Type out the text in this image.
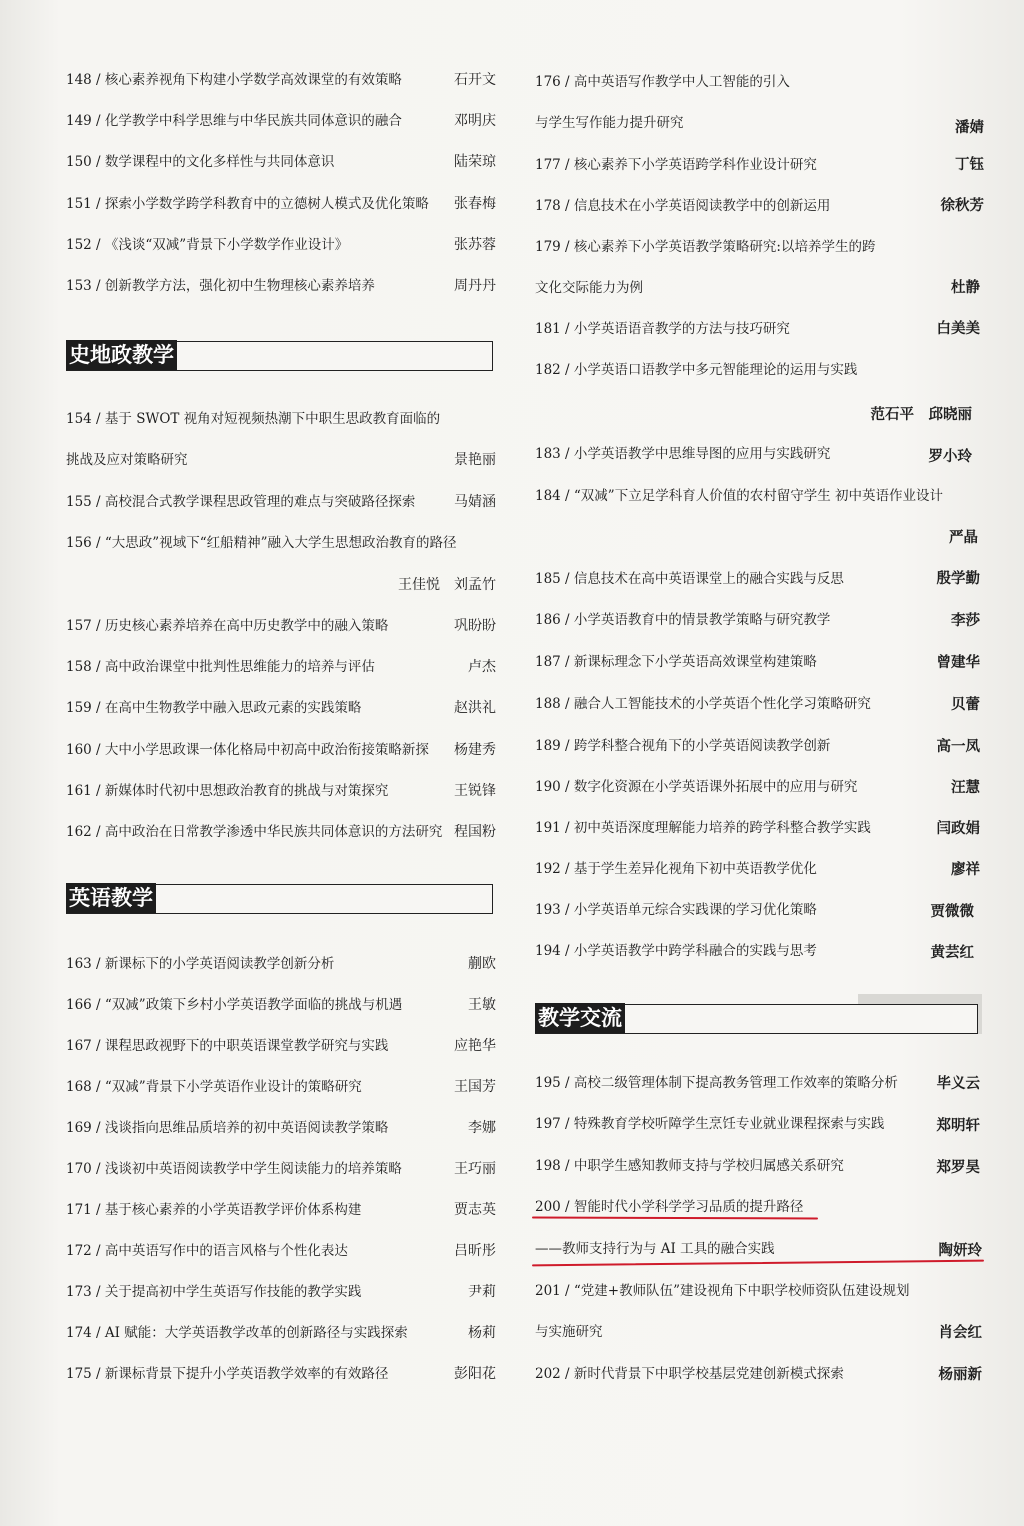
148 / 核心素养视角下构建小学数学高效课堂的有效策略	石开文
149 / 化学教学中科学思维与中华民族共同体意识的融合	邓明庆
150 / 数学课程中的文化多样性与共同体意识	陆荣琼
151 / 探索小学数学跨学科教育中的立德树人模式及优化策略 张春梅
152 / 《浅谈“双减”背景下小学数学作业设计》	张苏蓉
153 / 创新教学方法，强化初中生物理核心素养培养	周丹丹
史地政教学
154 / 基于 SWOT 视角对短视频热潮下中职生思政教育面临的
挑战及应对策略研究	景艳丽
155 / 高校混合式教学课程思政管理的难点与突破路径探索	马婧涵
156 / “大思政”视域下“红船精神”融入大学生思想政治教育的路径
王佳悦　刘孟竹
157 / 历史核心素养培养在高中历史教学中的融入策略	巩盼盼
158 / 高中政治课堂中批判性思维能力的培养与评估	卢杰
159 / 在高中生物教学中融入思政元素的实践策略	赵洪礼
160 / 大中小学思政课一体化格局中初高中政治衔接策略新探 杨建秀
161 / 新媒体时代初中思想政治教育的挑战与对策探究	王锐锋
162 / 高中政治在日常教学渗透中华民族共同体意识的方法研究 程国粉
英语教学
163 / 新课标下的小学英语阅读教学创新分析	蒯欧
166 / “双减”政策下乡村小学英语教学面临的挑战与机遇	王敏
167 / 课程思政视野下的中职英语课堂教学研究与实践	应艳华
168 / “双减”背景下小学英语作业设计的策略研究	王国芳
169 / 浅谈指向思维品质培养的初中英语阅读教学策略	李娜
170 / 浅谈初中英语阅读教学中学生阅读能力的培养策略	王巧丽
171 / 基于核心素养的小学英语教学评价体系构建	贾志英
172 / 高中英语写作中的语言风格与个性化表达	吕昕彤
173 / 关于提高初中学生英语写作技能的教学实践	尹莉
174 / AI 赋能：大学英语教学改革的创新路径与实践探索	杨莉
175 / 新课标背景下提升小学英语教学效率的有效路径	彭阳花
176 / 高中英语写作教学中人工智能的引入
与学生写作能力提升研究	潘婧
177 / 核心素养下小学英语跨学科作业设计研究	丁钰
178 / 信息技术在小学英语阅读教学中的创新运用	徐秋芳
179 / 核心素养下小学英语教学策略研究:以培养学生的跨
文化交际能力为例	杜静
181 / 小学英语语音教学的方法与技巧研究	白美美
182 / 小学英语口语教学中多元智能理论的运用与实践
范石平　邱晓丽
183 / 小学英语教学中思维导图的应用与实践研究	罗小玲
184 / “双减”下立足学科育人价值的农村留守学生 初中英语作业设计
严晶
185 / 信息技术在高中英语课堂上的融合实践与反思	殷学勤
186 / 小学英语教育中的情景教学策略与研究教学	李莎
187 / 新课标理念下小学英语高效课堂构建策略	曾建华
188 / 融合人工智能技术的小学英语个性化学习策略研究	贝蕾
189 / 跨学科整合视角下的小学英语阅读教学创新	高一凤
190 / 数字化资源在小学英语课外拓展中的应用与研究	汪慧
191 / 初中英语深度理解能力培养的跨学科整合教学实践	闫政娟
192 / 基于学生差异化视角下初中英语教学优化	廖祥
193 / 小学英语单元综合实践课的学习优化策略	贾微微
194 / 小学英语教学中跨学科融合的实践与思考	黄芸红
教学交流
195 / 高校二级管理体制下提高教务管理工作效率的策略分析	毕义云
197 / 特殊教育学校听障学生烹饪专业就业课程探索与实践	郑明轩
198 / 中职学生感知教师支持与学校归属感关系研究	郑罗昊
200 / 智能时代小学科学学习品质的提升路径
——教师支持行为与 AI 工具的融合实践	陶妍玲
201 / “党建+教师队伍”建设视角下中职学校师资队伍建设规划
与实施研究	肖会红
202 / 新时代背景下中职学校基层党建创新模式探索	杨丽新
